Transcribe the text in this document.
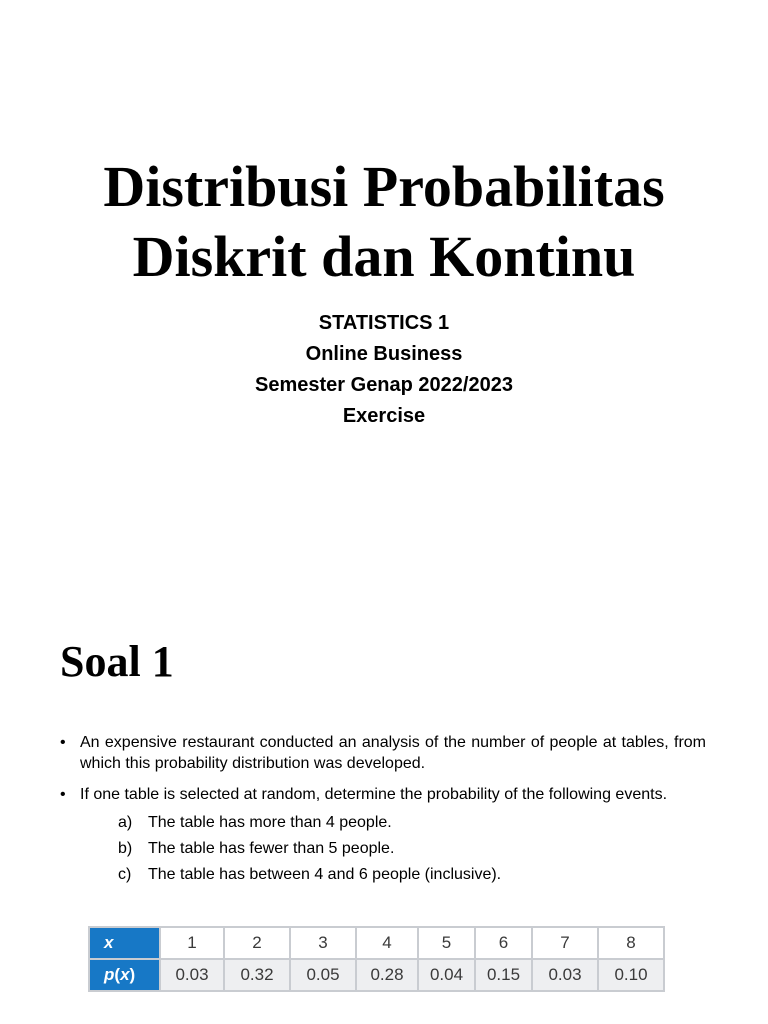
Distribusi Probabilitas
Diskrit dan Kontinu
STATISTICS 1
Online Business
Semester Genap 2022/2023
Exercise
Soal 1
• An expensive restaurant conducted an analysis of the number of people at tables, from which this probability distribution was developed.
• If one table is selected at random, determine the probability of the following events.
a) The table has more than 4 people.
b) The table has fewer than 5 people.
c)	The table has between 4 and 6 people (inclusive).
x	1	2	3	4	5	6	7	8
p(x)	0.03	0.32	0.05	0.28	0.04	0.15	0.03	0.10
